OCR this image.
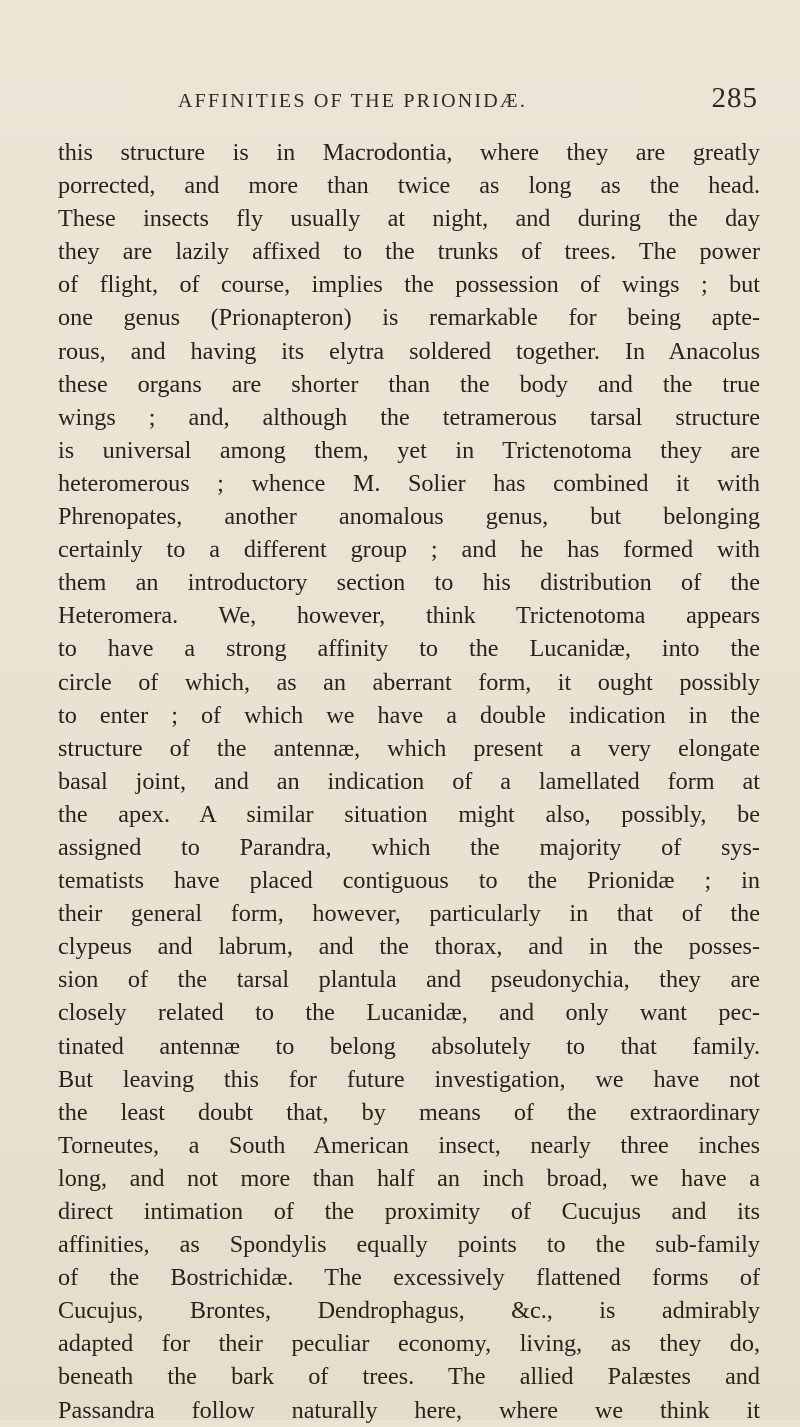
AFFINITIES OF THE PRIONIDÆ.	285
this structure is in Macrodontia, where they are greatly
porrected, and more than twice as long as the head.
These insects fly usually at night, and during the day
they are lazily affixed to the trunks of trees. The power
of flight, of course, implies the possession of wings ; but
one genus (Prionapteron) is remarkable for being apte-
rous, and having its elytra soldered together. In Anacolus
these organs are shorter than the body and the true
wings ; and, although the tetramerous tarsal structure
is universal among them, yet in Trictenotoma they are
heteromerous ; whence M. Solier has combined it with
Phrenopates, another anomalous genus, but belonging
certainly to a different group ; and he has formed with
them an introductory section to his distribution of the
Heteromera. We, however, think Trictenotoma appears
to have a strong affinity to the Lucanidæ, into the
circle of which, as an aberrant form, it ought possibly
to enter ; of which we have a double indication in the
structure of the antennæ, which present a very elongate
basal joint, and an indication of a lamellated form at
the apex. A similar situation might also, possibly, be
assigned to Parandra, which the majority of sys-
tematists have placed contiguous to the Prionidæ ; in
their general form, however, particularly in that of the
clypeus and labrum, and the thorax, and in the posses-
sion of the tarsal plantula and pseudonychia, they are
closely related to the Lucanidæ, and only want pec-
tinated antennæ to belong absolutely to that family.
But leaving this for future investigation, we have not
the least doubt that, by means of the extraordinary
Torneutes, a South American insect, nearly three inches
long, and not more than half an inch broad, we have a
direct intimation of the proximity of Cucujus and its
affinities, as Spondylis equally points to the sub-family
of the Bostrichidæ. The excessively flattened forms of
Cucujus, Brontes, Dendrophagus, &c., is admirably
adapted for their peculiar economy, living, as they do,
beneath the bark of trees. The allied Palæstes and
Passandra follow naturally here, where we think it
